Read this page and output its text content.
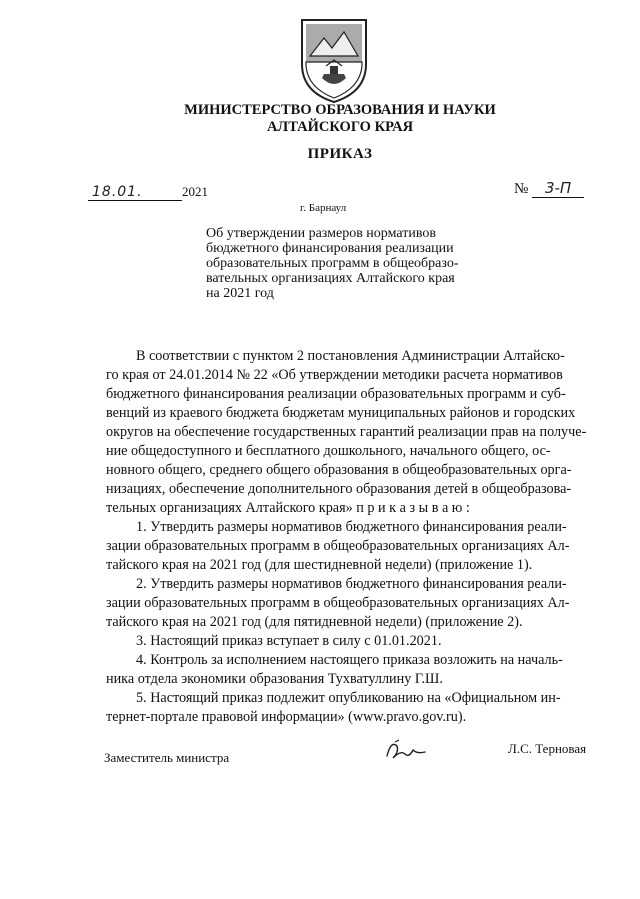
МИНИСТЕРСТВО ОБРАЗОВАНИЯ И НАУКИ
АЛТАЙСКОГО КРАЯ
ПРИКАЗ
18.01.	2021	№ 3-П
г. Барнаул
Об утверждении размеров нормативов
бюджетного финансирования реализации
образовательных программ в общеобразо-
вательных организациях Алтайского края
на 2021 год
В соответствии с пунктом 2 постановления Администрации Алтайско-
го края от 24.01.2014 № 22 «Об утверждении методики расчета нормативов
бюджетного финансирования реализации образовательных программ и суб-
венций из краевого бюджета бюджетам муниципальных районов и городских
округов на обеспечение государственных гарантий реализации прав на получе-
ние общедоступного и бесплатного дошкольного, начального общего, ос-
новного общего, среднего общего образования в общеобразовательных орга-
низациях, обеспечение дополнительного образования детей в общеобразова-
тельных организациях Алтайского края» п р и к а з ы в а ю :
1. Утвердить размеры нормативов бюджетного финансирования реали-
зации образовательных программ в общеобразовательных организациях Ал-
тайского края на 2021 год (для шестидневной недели) (приложение 1).
2. Утвердить размеры нормативов бюджетного финансирования реали-
зации образовательных программ в общеобразовательных организациях Ал-
тайского края на 2021 год (для пятидневной недели) (приложение 2).
3. Настоящий приказ вступает в силу с 01.01.2021.
4. Контроль за исполнением настоящего приказа возложить на началь-
ника отдела экономики образования Тухватуллину Г.Ш.
5. Настоящий приказ подлежит опубликованию на «Официальном ин-
тернет-портале правовой информации» (www.pravo.gov.ru).
Заместитель министра
Л.С. Терновая
